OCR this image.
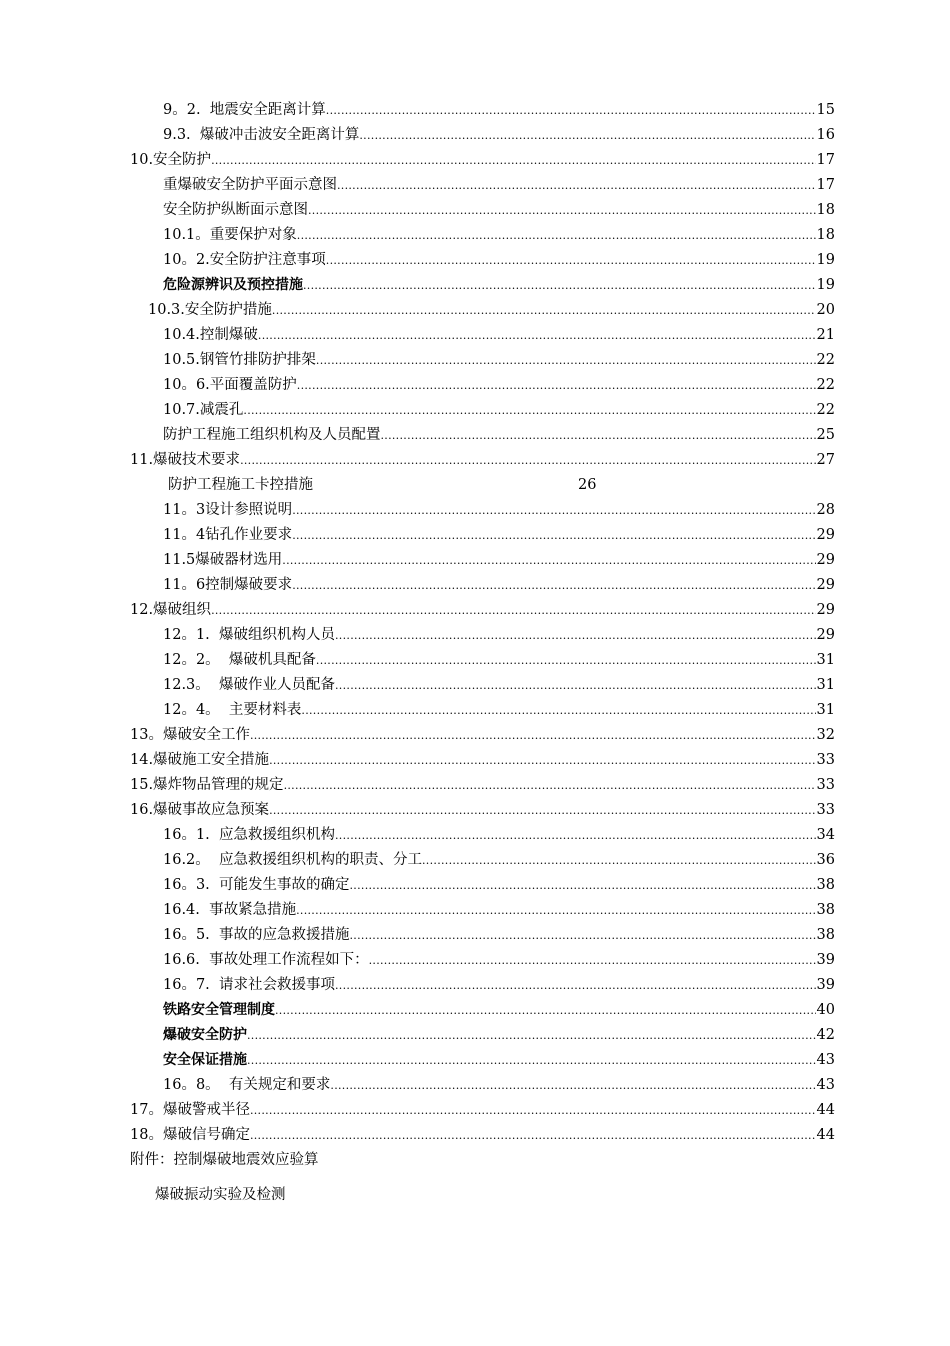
9。2.  地震安全距离计算 .....	15
9.3.  爆破冲击波安全距离计算 .....	16
10.安全防护 .....	17
重爆破安全防护平面示意图 .....	17
安全防护纵断面示意图 .....	18
10.1。重要保护对象 .....	18
10。2.安全防护注意事项 .....	19
危险源辨识及预控措施 .....	19
10.3.安全防护措施 .....	20
10.4.控制爆破 .....	21
10.5.钢管竹排防护排架 .....	22
10。6.平面覆盖防护 .....	22
10.7.减震孔 .....	22
防护工程施工组织机构及人员配置 .....	25
11.爆破技术要求 .....	27
防护工程施工卡控措施	26
11。3设计参照说明 .....	28
11。4钻孔作业要求 .....	29
11.5爆破器材选用 .....	29
11。6控制爆破要求 .....	29
12.爆破组织 .....	29
12。1.  爆破组织机构人员 .....	29
12。2。  爆破机具配备 .....	31
12.3。  爆破作业人员配备 .....	31
12。4。  主要材料表 .....	31
13。爆破安全工作 .....	32
14.爆破施工安全措施 .....	33
15.爆炸物品管理的规定 .....	33
16.爆破事故应急预案 .....	33
16。1.  应急救援组织机构 .....	34
16.2。  应急救援组织机构的职责、分工 .....	36
16。3.  可能发生事故的确定 .....	38
16.4.  事故紧急措施 .....	38
16。5.  事故的应急救援措施 .....	38
16.6.  事故处理工作流程如下： .....	39
16。7.  请求社会救援事项 .....	39
铁路安全管理制度 .....	40
爆破安全防护 .....	42
安全保证措施 .....	43
16。8。  有关规定和要求 .....	43
17。爆破警戒半径 .....	44
18。爆破信号确定 .....	44
附件：控制爆破地震效应验算
爆破振动实验及检测
